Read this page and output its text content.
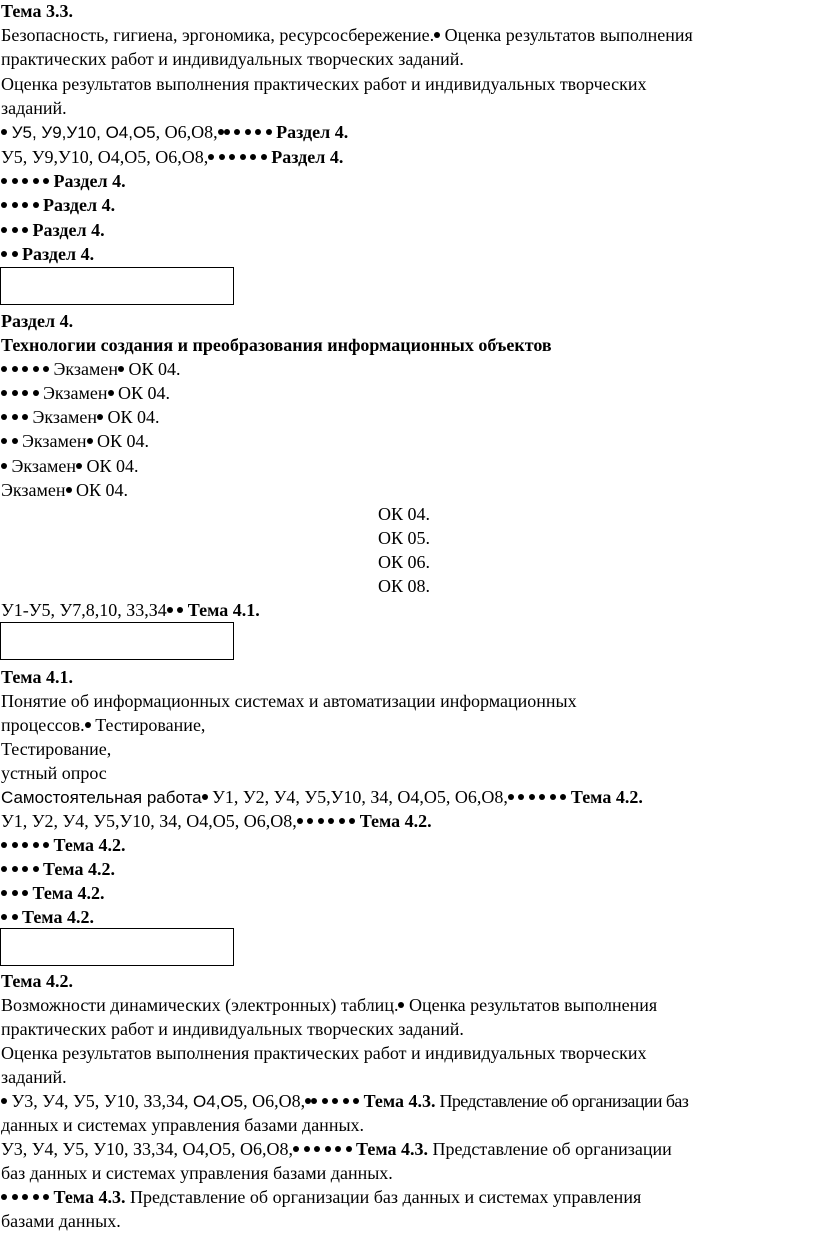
Тема 3.3.
Безопасность, гигиена, эргономика, ресурсосбережение. Оценка результатов выполнения
практических работ и индивидуальных творческих заданий.
Оценка результатов выполнения практических работ и индивидуальных творческих
заданий.
У5, У9,У10, О4,О5, О6,О8,	Раздел 4.
У5, У9,У10, О4,О5, О6,О8,	Раздел 4.
Раздел 4.
Раздел 4.
Раздел 4.
Раздел 4.
Раздел 4.
Технологии создания и преобразования информационных объектов
Экзамен ОК 04.
Экзамен ОК 04.
Экзамен ОК 04.
Экзамен ОК 04.
Экзамен ОК 04.
Экзамен ОК 04.
ОК 04.
ОК 05.
ОК 06.
ОК 08.
У1-У5, У7,8,10, З3,З4  Тема 4.1.
Тема 4.1.
Понятие об информационных системах и автоматизации информационных
процессов. Тестирование,
Тестирование,
устный опрос
Самостоятельная работа У1, У2, У4, У5,У10, З4, О4,О5, О6,О8,	Тема 4.2.
У1, У2, У4, У5,У10, З4, О4,О5, О6,О8,	Тема 4.2.
Тема 4.2.
Тема 4.2.
Тема 4.2.
Тема 4.2.
Тема 4.2.
Возможности динамических (электронных) таблиц. Оценка результатов выполнения
практических работ и индивидуальных творческих заданий.
Оценка результатов выполнения практических работ и индивидуальных творческих
заданий.
У3, У4, У5, У10, З3,З4, О4,О5, О6,О8,	Тема 4.3. Представление об организации баз
данных и системах управления базами данных.
У3, У4, У5, У10, З3,З4, О4,О5, О6,О8,	Тема 4.3. Представление об организации
баз данных и системах управления базами данных.
Тема 4.3. Представление об организации баз данных и системах управления
базами данных.
